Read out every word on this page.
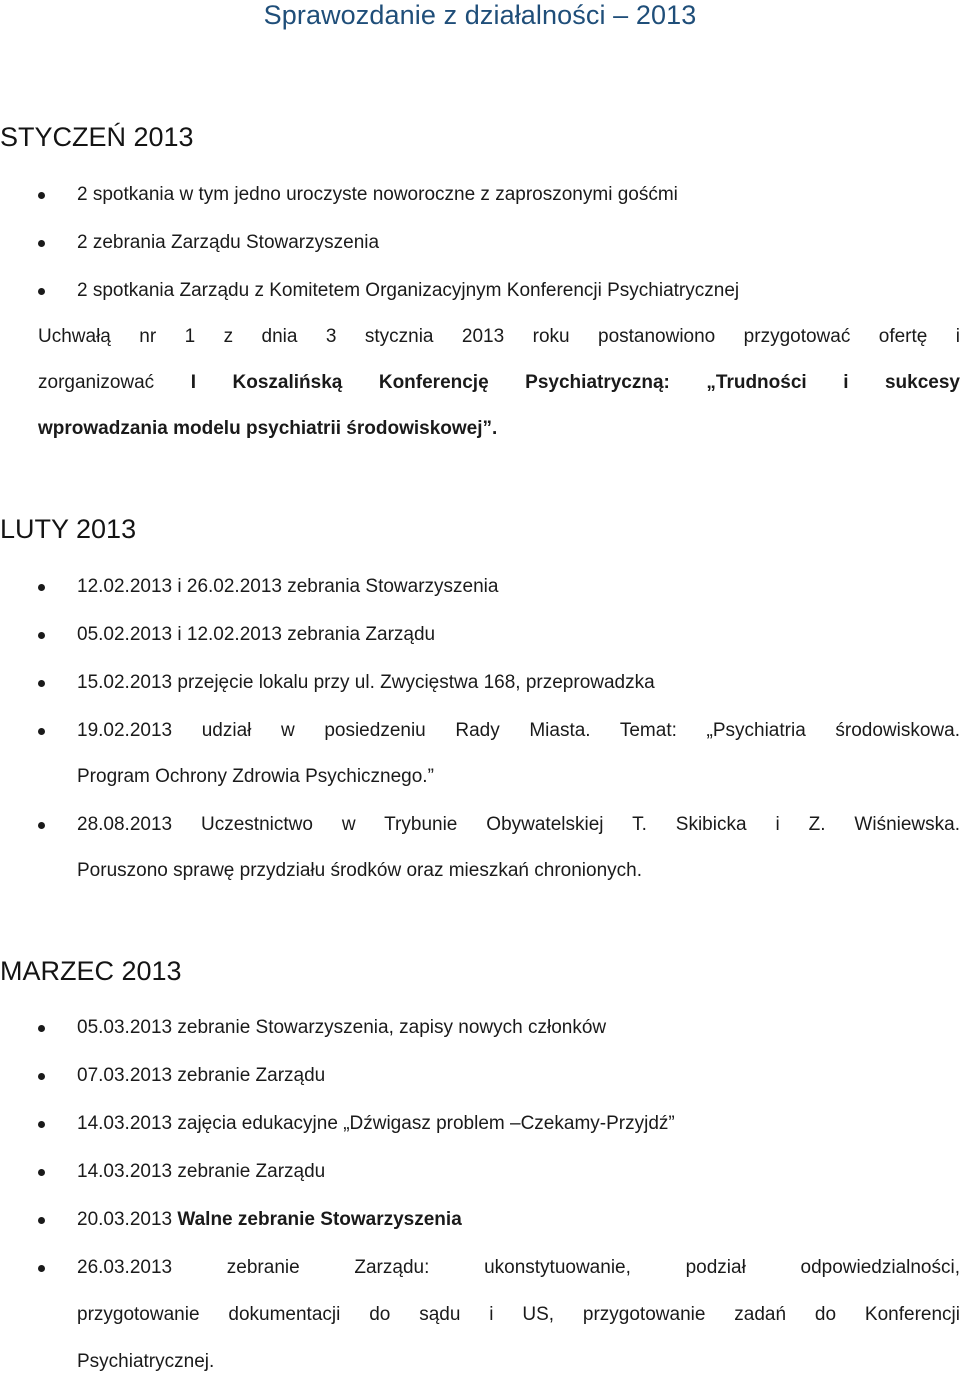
Sprawozdanie z działalności – 2013
STYCZEŃ 2013
2 spotkania w tym jedno uroczyste noworoczne z zaproszonymi gośćmi
2 zebrania Zarządu Stowarzyszenia
2 spotkania Zarządu z Komitetem Organizacyjnym Konferencji Psychiatrycznej
Uchwałą nr 1 z dnia 3 stycznia 2013 roku postanowiono przygotować ofertę i
zorganizować I Koszalińską Konferencję Psychiatryczną: „Trudności i sukcesy
wprowadzania modelu psychiatrii środowiskowej”.
LUTY 2013
12.02.2013 i 26.02.2013 zebrania Stowarzyszenia
05.02.2013 i 12.02.2013 zebrania Zarządu
15.02.2013 przejęcie lokalu przy ul. Zwycięstwa 168, przeprowadzka
19.02.2013 udział w posiedzeniu Rady Miasta. Temat: „Psychiatria środowiskowa.
Program Ochrony Zdrowia Psychicznego.”
28.08.2013 Uczestnictwo w Trybunie Obywatelskiej T. Skibicka i Z. Wiśniewska.
Poruszono sprawę przydziału środków oraz mieszkań chronionych.
MARZEC 2013
05.03.2013 zebranie Stowarzyszenia, zapisy nowych członków
07.03.2013 zebranie Zarządu
14.03.2013 zajęcia edukacyjne „Dźwigasz problem –Czekamy-Przyjdź”
14.03.2013 zebranie Zarządu
20.03.2013 Walne zebranie Stowarzyszenia
26.03.2013 zebranie Zarządu: ukonstytuowanie, podział odpowiedzialności,
przygotowanie dokumentacji do sądu i US, przygotowanie zadań do Konferencji
Psychiatrycznej.
